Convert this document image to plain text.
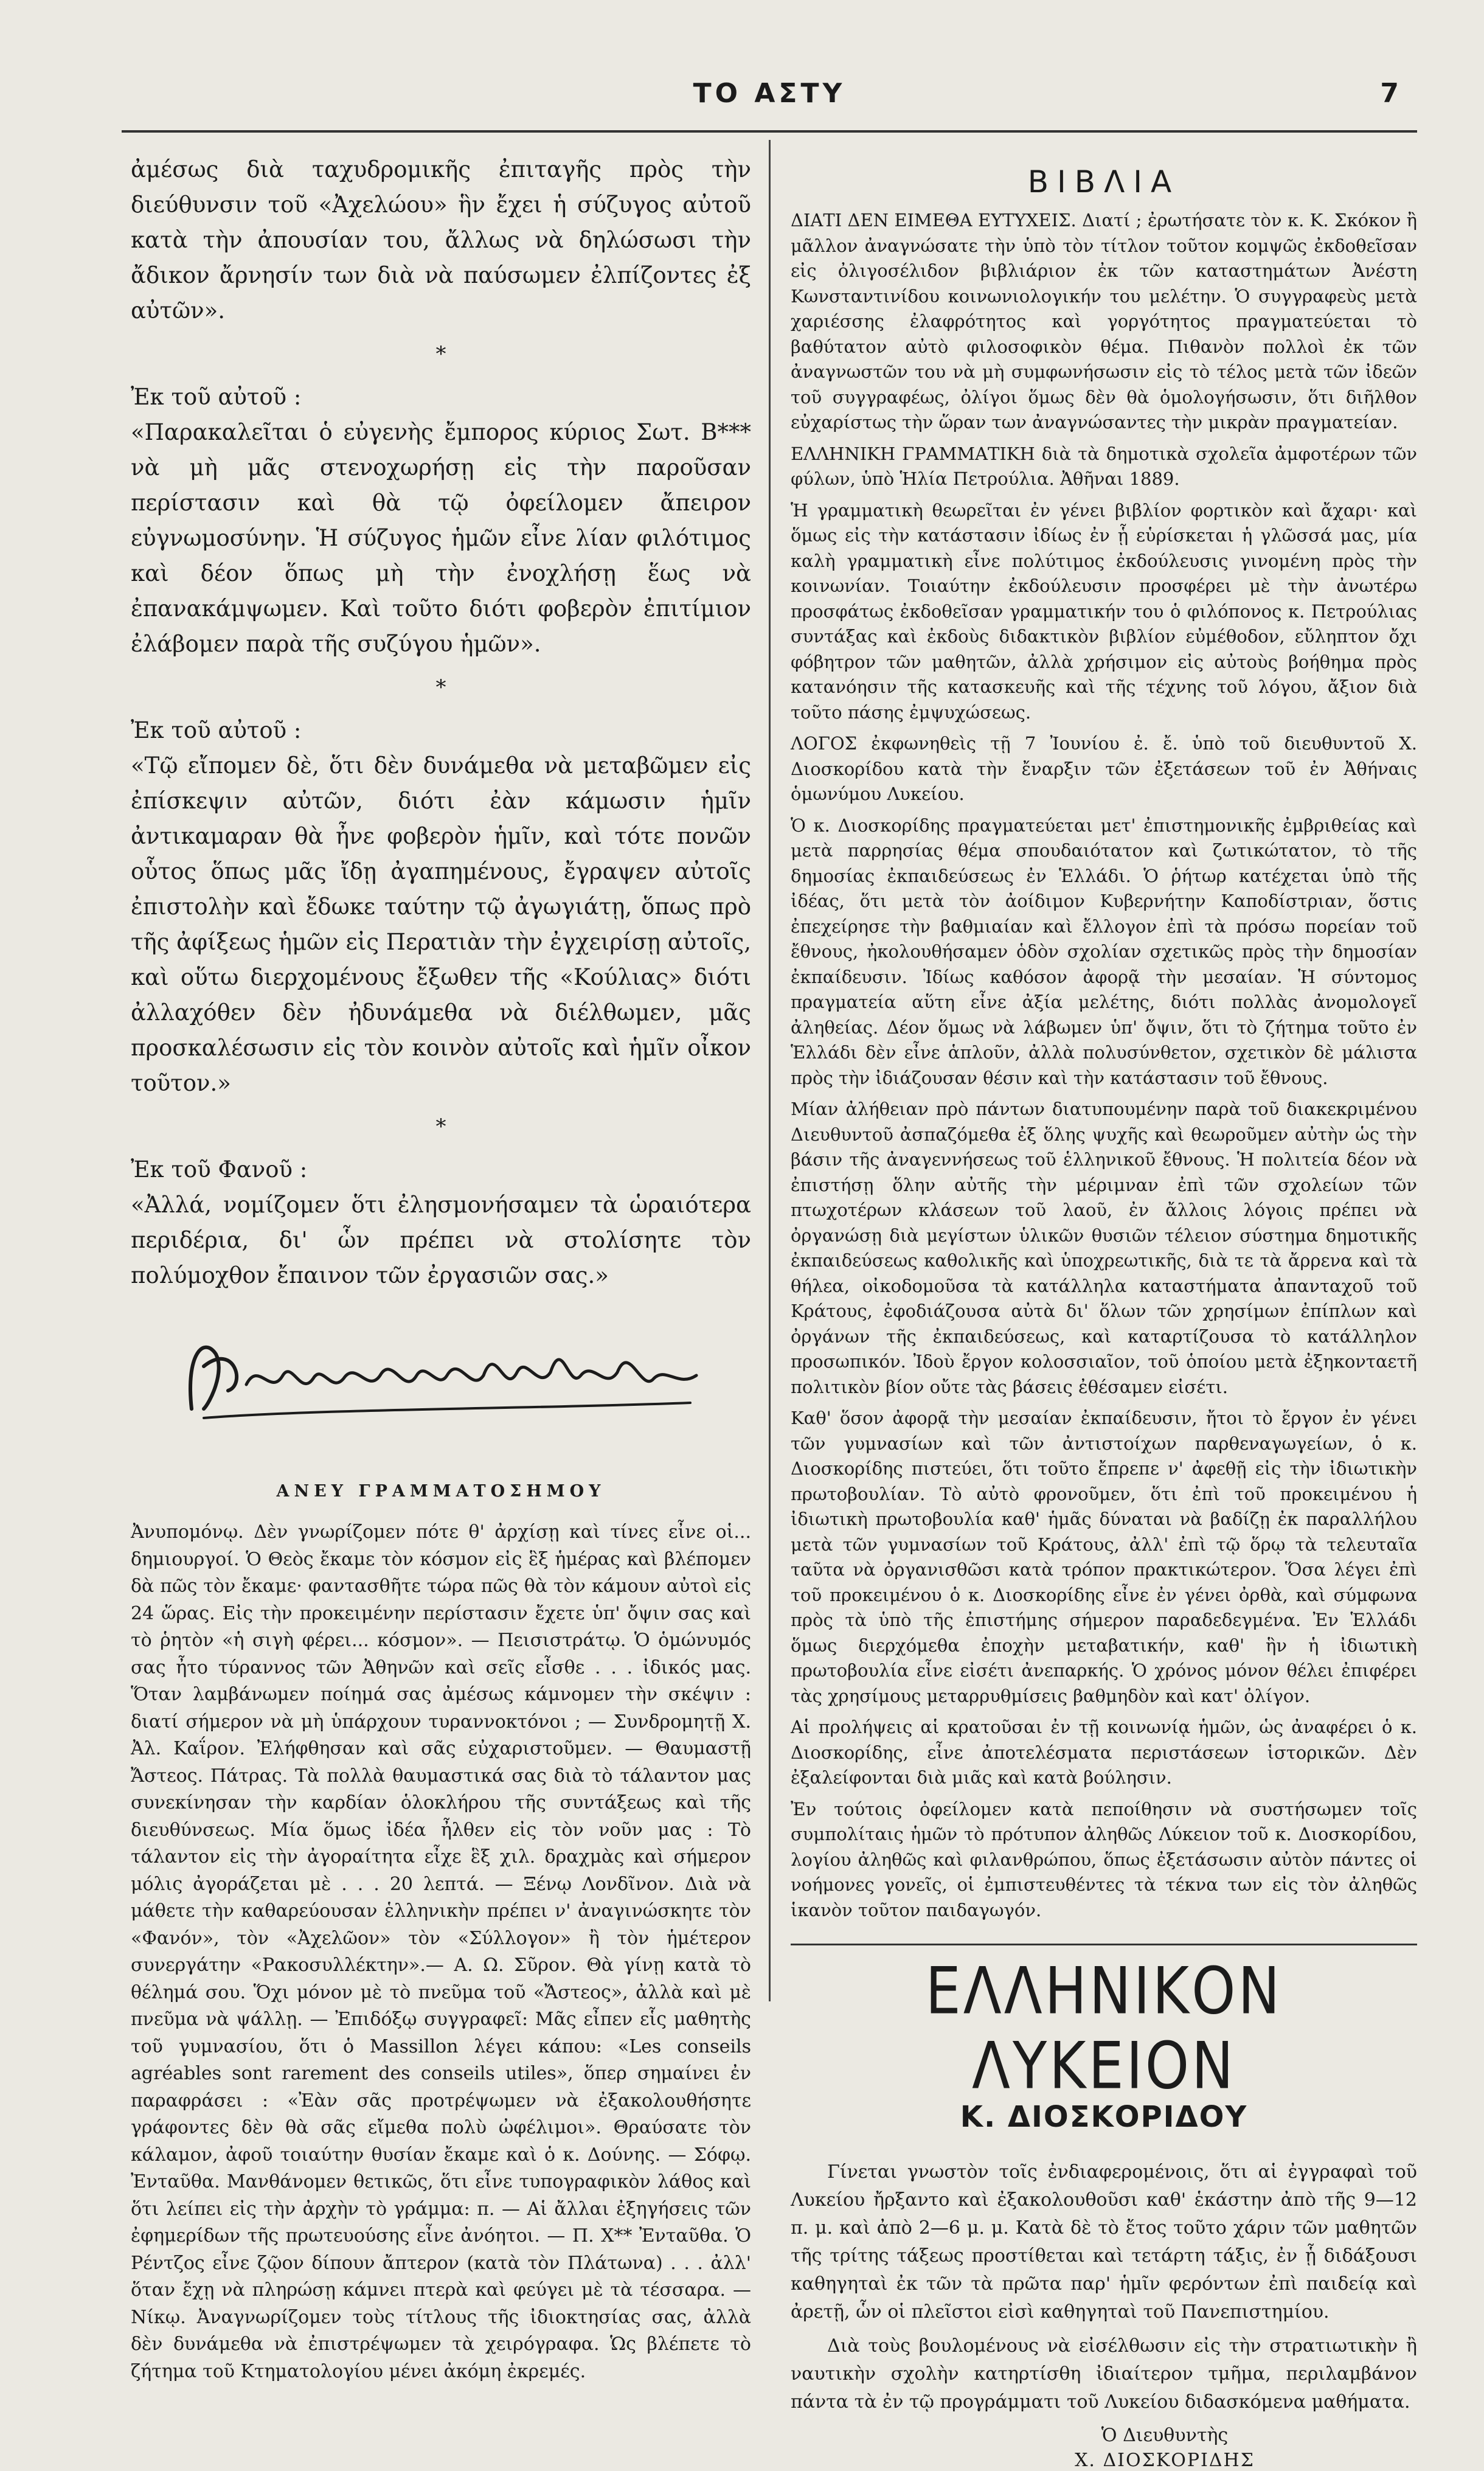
ΤΟ ΑΣΤΥ	7

ἀμέσως διὰ ταχυδρομικῆς ἐπιταγῆς πρὸς τὴν διεύθυνσιν τοῦ «Ἀχελώου» ἣν ἔχει ἡ σύζυγος αὐτοῦ κατὰ τὴν ἀπουσίαν του, ἄλλως νὰ δηλώσωσι τὴν ἄδικον ἄρνησίν των διὰ νὰ παύσωμεν ἐλπίζοντες ἐξ αὐτῶν».

*

Ἐκ τοῦ αὐτοῦ :

«Παρακαλεῖται ὁ εὐγενὴς ἔμπορος κύριος Σωτ. Β*** νὰ μὴ μᾶς στενοχωρήσῃ εἰς τὴν παροῦσαν περίστασιν καὶ θὰ τῷ ὀφείλομεν ἄπειρον εὐγνωμοσύνην. Ἡ σύζυγος ἡμῶν εἶνε λίαν φιλότιμος καὶ δέον ὅπως μὴ τὴν ἐνοχλήσῃ ἕως νὰ ἐπανακάμψωμεν. Καὶ τοῦτο διότι φοβερὸν ἐπιτίμιον ἐλάβομεν παρὰ τῆς συζύγου ἡμῶν».

*

Ἐκ τοῦ αὐτοῦ :

«Τῷ εἴπομεν δὲ, ὅτι δὲν δυνάμεθα νὰ μεταβῶμεν εἰς ἐπίσκεψιν αὐτῶν, διότι ἐὰν κάμωσιν ἡμῖν ἀντικαμαραν θὰ ἦνε φοβερὸν ἡμῖν, καὶ τότε πονῶν οὗτος ὅπως μᾶς ἴδῃ ἀγαπημένους, ἔγραψεν αὐτοῖς ἐπιστολὴν καὶ ἔδωκε ταύτην τῷ ἀγωγιάτῃ, ὅπως πρὸ τῆς ἀφίξεως ἡμῶν εἰς Περατιὰν τὴν ἐγχειρίσῃ αὐτοῖς, καὶ οὕτω διερχομένους ἔξωθεν τῆς «Κούλιας» διότι ἀλλαχόθεν δὲν ἠδυνάμεθα νὰ διέλθωμεν, μᾶς προσκαλέσωσιν εἰς τὸν κοινὸν αὐτοῖς καὶ ἡμῖν οἶκον τοῦτον.»

*

Ἐκ τοῦ Φανοῦ :

«Ἀλλά, νομίζομεν ὅτι ἐλησμονήσαμεν τὰ ὡραιότερα περιδέρια, δι' ὧν πρέπει νὰ στολίσητε τὸν πολύμοχθον ἔπαινον τῶν ἐργασιῶν σας.»

ΑΝΕΥ ΓΡΑΜΜΑΤΟΣΗΜΟΥ

Ἀνυπομόνῳ. Δὲν γνωρίζομεν πότε θ' ἀρχίσῃ καὶ τίνες εἶνε οἱ... δημιουργοί. Ὁ Θεὸς ἔκαμε τὸν κόσμον εἰς ἓξ ἡμέρας καὶ βλέπομεν δὰ πῶς τὸν ἔκαμε· φαντασθῆτε τώρα πῶς θὰ τὸν κάμουν αὐτοὶ εἰς 24 ὥρας. Εἰς τὴν προκειμένην περίστασιν ἔχετε ὑπ' ὄψιν σας καὶ τὸ ῥητὸν «ἡ σιγὴ φέρει... κόσμον». — Πεισιστράτῳ. Ὁ ὁμώνυμός σας ἦτο τύραννος τῶν Ἀθηνῶν καὶ σεῖς εἶσθε . . . ἰδικός μας. Ὅταν λαμβάνωμεν ποίημά σας ἀμέσως κάμνομεν τὴν σκέψιν : διατί σήμερον νὰ μὴ ὑπάρχουν τυραννοκτόνοι ; — Συνδρομητῇ Χ. Ἀλ. Καΐρον. Ἐλήφθησαν καὶ σᾶς εὐχαριστοῦμεν. — Θαυμαστῇ Ἄστεος. Πάτρας. Τὰ πολλὰ θαυμαστικά σας διὰ τὸ τάλαντον μας συνεκίνησαν τὴν καρδίαν ὁλοκλήρου τῆς συντάξεως καὶ τῆς διευθύνσεως. Μία ὅμως ἰδέα ἦλθεν εἰς τὸν νοῦν μας : Τὸ τάλαντον εἰς τὴν ἀγοραίτητα εἶχε ἓξ χιλ. δραχμὰς καὶ σήμερον μόλις ἀγοράζεται μὲ . . . 20 λεπτά. — Ξένῳ Λονδῖνον. Διὰ νὰ μάθετε τὴν καθαρεύουσαν ἑλληνικὴν πρέπει ν' ἀναγινώσκητε τὸν «Φανόν», τὸν «Ἀχελῶον» τὸν «Σύλλογον» ἢ τὸν ἡμέτερον συνεργάτην «Ρακοσυλλέκτην».— Α. Ω. Σῦρον. Θὰ γίνῃ κατὰ τὸ θέλημά σου. Ὅχι μόνον μὲ τὸ πνεῦμα τοῦ «Ἄστεος», ἀλλὰ καὶ μὲ πνεῦμα νὰ ψάλλῃ. — Ἐπιδόξῳ συγγραφεῖ: Μᾶς εἶπεν εἷς μαθητὴς τοῦ γυμνασίου, ὅτι ὁ Massillon λέγει κάπου: «Les conseils agréables sont rarement des conseils utiles», ὅπερ σημαίνει ἐν παραφράσει : «Ἐὰν σᾶς προτρέψωμεν νὰ ἐξακολουθήσητε γράφοντες δὲν θὰ σᾶς εἴμεθα πολὺ ὠφέλιμοι». Θραύσατε τὸν κάλαμον, ἀφοῦ τοιαύτην θυσίαν ἔκαμε καὶ ὁ κ. Δούνης. — Σόφῳ. Ἐνταῦθα. Μανθάνομεν θετικῶς, ὅτι εἶνε τυπογραφικὸν λάθος καὶ ὅτι λείπει εἰς τὴν ἀρχὴν τὸ γράμμα: π. — Αἱ ἄλλαι ἐξηγήσεις τῶν ἐφημερίδων τῆς πρωτευούσης εἶνε ἀνόητοι. — Π. Χ** Ἐνταῦθα. Ὁ Ρέντζος εἶνε ζῷον δίπουν ἄπτερον (κατὰ τὸν Πλάτωνα) . . . ἀλλ' ὅταν ἔχῃ νὰ πληρώσῃ κάμνει πτερὰ καὶ φεύγει μὲ τὰ τέσσαρα. — Νίκῳ. Ἀναγνωρίζομεν τοὺς τίτλους τῆς ἰδιοκτησίας σας, ἀλλὰ δὲν δυνάμεθα νὰ ἐπιστρέψωμεν τὰ χειρόγραφα. Ὡς βλέπετε τὸ ζήτημα τοῦ Κτηματολογίου μένει ἀκόμη ἐκρεμές.

ΒΙΒΛΙΑ

ΔΙΑΤΙ ΔΕΝ ΕΙΜΕΘΑ ΕΥΤΥΧΕΙΣ. Διατί ; ἐρωτήσατε τὸν κ. Κ. Σκόκον ἢ μᾶλλον ἀναγνώσατε τὴν ὑπὸ τὸν τίτλον τοῦτον κομψῶς ἐκδοθεῖσαν εἰς ὀλιγοσέλιδον βιβλιάριον ἐκ τῶν καταστημάτων Ἀνέστη Κωνσταντινίδου κοινωνιολογικήν του μελέτην. Ὁ συγγραφεὺς μετὰ χαριέσσης ἐλαφρότητος καὶ γοργότητος πραγματεύεται τὸ βαθύτατον αὐτὸ φιλοσοφικὸν θέμα. Πιθανὸν πολλοὶ ἐκ τῶν ἀναγνωστῶν του νὰ μὴ συμφωνήσωσιν εἰς τὸ τέλος μετὰ τῶν ἰδεῶν τοῦ συγγραφέως, ὀλίγοι ὅμως δὲν θὰ ὁμολογήσωσιν, ὅτι διῆλθον εὐχαρίστως τὴν ὥραν των ἀναγνώσαντες τὴν μικρὰν πραγματείαν.

ΕΛΛΗΝΙΚΗ ΓΡΑΜΜΑΤΙΚΗ διὰ τὰ δημοτικὰ σχολεῖα ἀμφοτέρων τῶν φύλων, ὑπὸ Ἡλία Πετρούλια. Ἀθῆναι 1889.

Ἡ γραμματικὴ θεωρεῖται ἐν γένει βιβλίον φορτικὸν καὶ ἄχαρι· καὶ ὅμως εἰς τὴν κατάστασιν ἰδίως ἐν ᾗ εὑρίσκεται ἡ γλῶσσά μας, μία καλὴ γραμματικὴ εἶνε πολύτιμος ἐκδούλευσις γινομένη πρὸς τὴν κοινωνίαν. Τοιαύτην ἐκδούλευσιν προσφέρει μὲ τὴν ἀνωτέρω προσφάτως ἐκδοθεῖσαν γραμματικήν του ὁ φιλόπονος κ. Πετρούλιας συντάξας καὶ ἐκδοὺς διδακτικὸν βιβλίον εὐμέθοδον, εὔληπτον ὄχι φόβητρον τῶν μαθητῶν, ἀλλὰ χρήσιμον εἰς αὐτοὺς βοήθημα πρὸς κατανόησιν τῆς κατασκευῆς καὶ τῆς τέχνης τοῦ λόγου, ἄξιον διὰ τοῦτο πάσης ἐμψυχώσεως.

ΛΟΓΟΣ ἐκφωνηθεὶς τῇ 7 Ἰουνίου ἐ. ἔ. ὑπὸ τοῦ διευθυντοῦ Χ. Διοσκορίδου κατὰ τὴν ἔναρξιν τῶν ἐξετάσεων τοῦ ἐν Ἀθήναις ὁμωνύμου Λυκείου.

Ὁ κ. Διοσκορίδης πραγματεύεται μετ' ἐπιστημονικῆς ἐμβριθείας καὶ μετὰ παρρησίας θέμα σπουδαιότατον καὶ ζωτικώτατον, τὸ τῆς δημοσίας ἐκπαιδεύσεως ἐν Ἑλλάδι. Ὁ ῥήτωρ κατέχεται ὑπὸ τῆς ἰδέας, ὅτι μετὰ τὸν ἀοίδιμον Κυβερνήτην Καποδίστριαν, ὅστις ἐπεχείρησε τὴν βαθμιαίαν καὶ ἔλλογον ἐπὶ τὰ πρόσω πορείαν τοῦ ἔθνους, ἠκολουθήσαμεν ὁδὸν σχολίαν σχετικῶς πρὸς τὴν δημοσίαν ἐκπαίδευσιν. Ἰδίως καθόσον ἀφορᾷ τὴν μεσαίαν. Ἡ σύντομος πραγματεία αὕτη εἶνε ἀξία μελέτης, διότι πολλὰς ἀνομολογεῖ ἀληθείας. Δέον ὅμως νὰ λάβωμεν ὑπ' ὄψιν, ὅτι τὸ ζήτημα τοῦτο ἐν Ἑλλάδι δὲν εἶνε ἁπλοῦν, ἀλλὰ πολυσύνθετον, σχετικὸν δὲ μάλιστα πρὸς τὴν ἰδιάζουσαν θέσιν καὶ τὴν κατάστασιν τοῦ ἔθνους.

Μίαν ἀλήθειαν πρὸ πάντων διατυπουμένην παρὰ τοῦ διακεκριμένου Διευθυντοῦ ἀσπαζόμεθα ἐξ ὅλης ψυχῆς καὶ θεωροῦμεν αὐτὴν ὡς τὴν βάσιν τῆς ἀναγεννήσεως τοῦ ἑλληνικοῦ ἔθνους. Ἡ πολιτεία δέον νὰ ἐπιστήσῃ ὅλην αὐτῆς τὴν μέριμναν ἐπὶ τῶν σχολείων τῶν πτωχοτέρων κλάσεων τοῦ λαοῦ, ἐν ἄλλοις λόγοις πρέπει νὰ ὀργανώσῃ διὰ μεγίστων ὑλικῶν θυσιῶν τέλειον σύστημα δημοτικῆς ἐκπαιδεύσεως καθολικῆς καὶ ὑποχρεωτικῆς, διὰ τε τὰ ἄρρενα καὶ τὰ θήλεα, οἰκοδομοῦσα τὰ κατάλληλα καταστήματα ἀπανταχοῦ τοῦ Κράτους, ἐφοδιάζουσα αὐτὰ δι' ὅλων τῶν χρησίμων ἐπίπλων καὶ ὀργάνων τῆς ἐκπαιδεύσεως, καὶ καταρτίζουσα τὸ κατάλληλον προσωπικόν. Ἰδοὺ ἔργον κολοσσιαῖον, τοῦ ὁποίου μετὰ ἐξηκονταετῆ πολιτικὸν βίον οὔτε τὰς βάσεις ἐθέσαμεν εἰσέτι.

Καθ' ὅσον ἀφορᾷ τὴν μεσαίαν ἐκπαίδευσιν, ἤτοι τὸ ἔργον ἐν γένει τῶν γυμνασίων καὶ τῶν ἀντιστοίχων παρθεναγωγείων, ὁ κ. Διοσκορίδης πιστεύει, ὅτι τοῦτο ἔπρεπε ν' ἀφεθῇ εἰς τὴν ἰδιωτικὴν πρωτοβουλίαν. Τὸ αὐτὸ φρονοῦμεν, ὅτι ἐπὶ τοῦ προκειμένου ἡ ἰδιωτικὴ πρωτοβουλία καθ' ἡμᾶς δύναται νὰ βαδίζῃ ἐκ παραλλήλου μετὰ τῶν γυμνασίων τοῦ Κράτους, ἀλλ' ἐπὶ τῷ ὅρῳ τὰ τελευταῖα ταῦτα νὰ ὀργανισθῶσι κατὰ τρόπον πρακτικώτερον. Ὅσα λέγει ἐπὶ τοῦ προκειμένου ὁ κ. Διοσκορίδης εἶνε ἐν γένει ὀρθὰ, καὶ σύμφωνα πρὸς τὰ ὑπὸ τῆς ἐπιστήμης σήμερον παραδεδεγμένα. Ἐν Ἑλλάδι ὅμως διερχόμεθα ἐποχὴν μεταβατικήν, καθ' ἣν ἡ ἰδιωτικὴ πρωτοβουλία εἶνε εἰσέτι ἀνεπαρκής. Ὁ χρόνος μόνον θέλει ἐπιφέρει τὰς χρησίμους μεταρρυθμίσεις βαθμηδὸν καὶ κατ' ὀλίγον.

Αἱ προλήψεις αἱ κρατοῦσαι ἐν τῇ κοινωνίᾳ ἡμῶν, ὡς ἀναφέρει ὁ κ. Διοσκορίδης, εἶνε ἀποτελέσματα περιστάσεων ἱστορικῶν. Δὲν ἐξαλείφονται διὰ μιᾶς καὶ κατὰ βούλησιν.

Ἐν τούτοις ὀφείλομεν κατὰ πεποίθησιν νὰ συστήσωμεν τοῖς συμπολίταις ἡμῶν τὸ πρότυπον ἀληθῶς Λύκειον τοῦ κ. Διοσκορίδου, λογίου ἀληθῶς καὶ φιλανθρώπου, ὅπως ἐξετάσωσιν αὐτὸν πάντες οἱ νοήμονες γονεῖς, οἱ ἐμπιστευθέντες τὰ τέκνα των εἰς τὸν ἀληθῶς ἱκανὸν τοῦτον παιδαγωγόν.

ΕΛΛΗΝΙΚΟΝ ΛΥΚΕΙΟΝ
Κ. ΔΙΟΣΚΟΡΙΔΟΥ

Γίνεται γνωστὸν τοῖς ἐνδιαφερομένοις, ὅτι αἱ ἐγγραφαὶ τοῦ Λυκείου ἤρξαντο καὶ ἐξακολουθοῦσι καθ' ἑκάστην ἀπὸ τῆς 9—12 π. μ. καὶ ἀπὸ 2—6 μ. μ. Κατὰ δὲ τὸ ἔτος τοῦτο χάριν τῶν μαθητῶν τῆς τρίτης τάξεως προστίθεται καὶ τετάρτη τάξις, ἐν ᾗ διδάξουσι καθηγηταὶ ἐκ τῶν τὰ πρῶτα παρ' ἡμῖν φερόντων ἐπὶ παιδείᾳ καὶ ἀρετῇ, ὧν οἱ πλεῖστοι εἰσὶ καθηγηταὶ τοῦ Πανεπιστημίου.

Διὰ τοὺς βουλομένους νὰ εἰσέλθωσιν εἰς τὴν στρατιωτικὴν ἢ ναυτικὴν σχολὴν κατηρτίσθη ἰδιαίτερον τμῆμα, περιλαμβάνον πάντα τὰ ἐν τῷ προγράμματι τοῦ Λυκείου διδασκόμενα μαθήματα.

Ὁ Διευθυντὴς
Χ. ΔΙΟΣΚΟΡΙΔΗΣ
